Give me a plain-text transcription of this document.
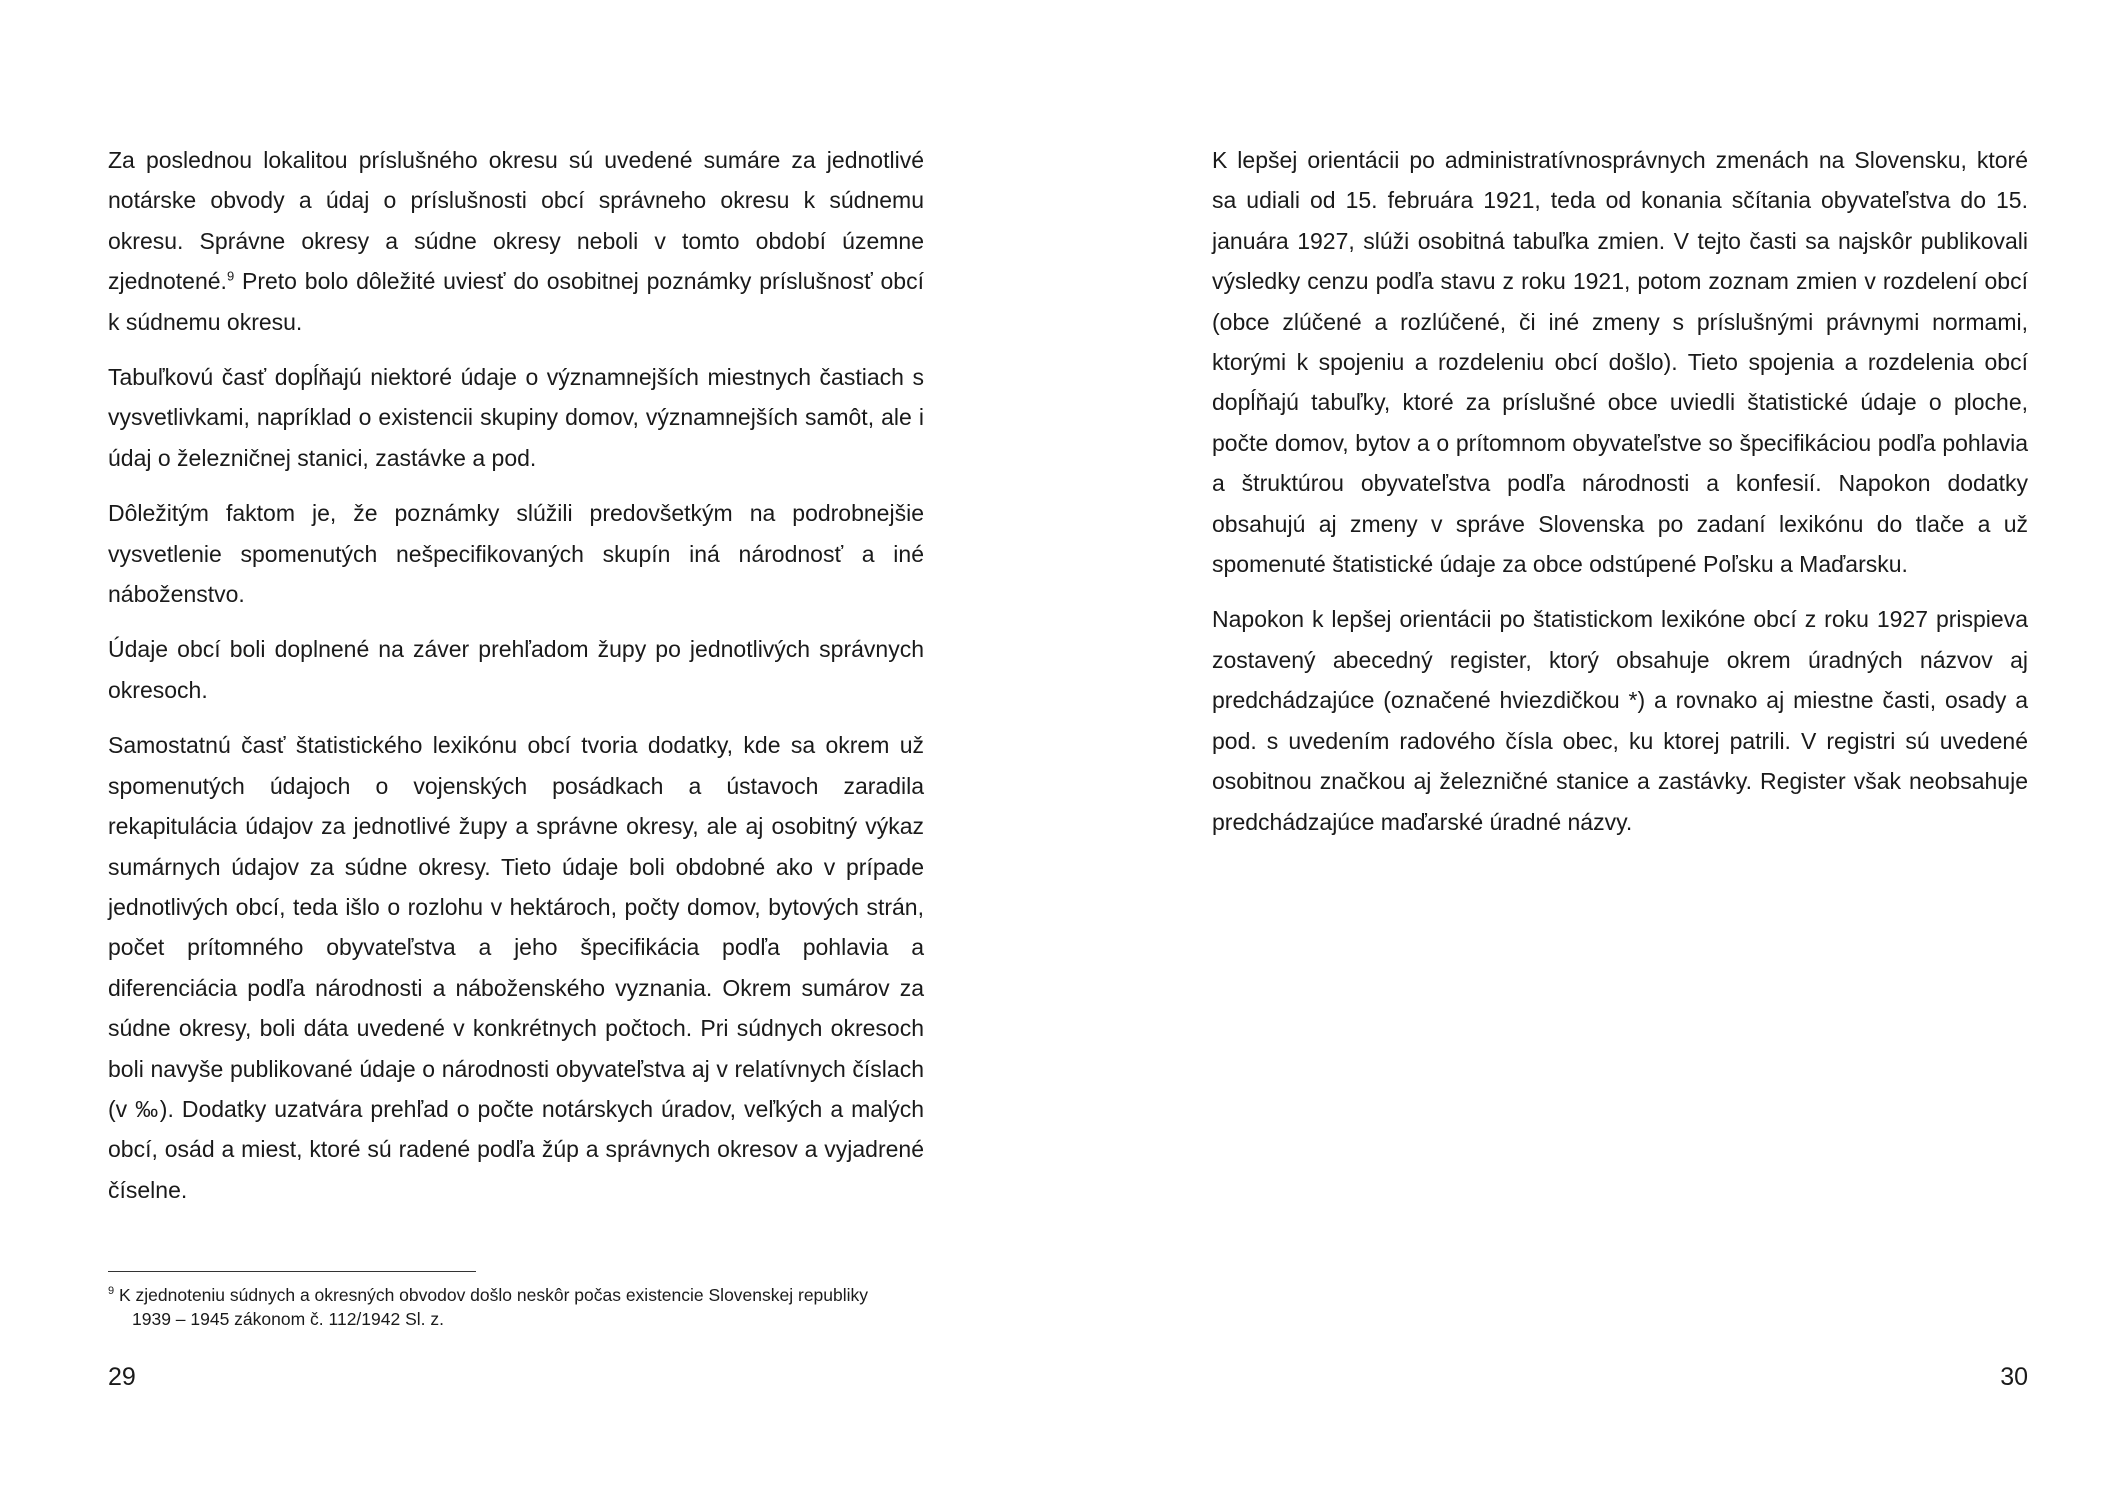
Za poslednou lokalitou príslušného okresu sú uvedené sumáre za jednotlivé notárske obvody a údaj o príslušnosti obcí správneho okresu k súdnemu okresu. Správne okresy a súdne okresy neboli v tomto období územne zjednotené.$^9$ Preto bolo dôležité uviesť do osobitnej poznámky príslušnosť obcí k súdnemu okresu.

Tabuľkovú časť dopĺňajú niektoré údaje o významnejších miestnych častiach s vysvetlivkami, napríklad o existencii skupiny domov, významnejších samôt, ale i údaj o železničnej stanici, zastávke a pod.

Dôležitým faktom je, že poznámky slúžili predovšetkým na podrobnejšie vysvetlenie spomenutých nešpecifikovaných skupín iná národnosť a iné náboženstvo.

Údaje obcí boli doplnené na záver prehľadom župy po jednotlivých správnych okresoch.

Samostatnú časť štatistického lexikónu obcí tvoria dodatky, kde sa okrem už spomenutých údajoch o vojenských posádkach a ústavoch zaradila rekapitulácia údajov za jednotlivé župy a správne okresy, ale aj osobitný výkaz sumárnych údajov za súdne okresy. Tieto údaje boli obdobné ako v prípade jednotlivých obcí, teda išlo o rozlohu v hektároch, počty domov, bytových strán, počet prítomného obyvateľstva a jeho špecifikácia podľa pohlavia a diferenciácia podľa národnosti a náboženského vyznania. Okrem sumárov za súdne okresy, boli dáta uvedené v konkrétnych počtoch. Pri súdnych okresoch boli navyše publikované údaje o národnosti obyvateľstva aj v relatívnych číslach (v ‰). Dodatky uzatvára prehľad o počte notárskych úradov, veľkých a malých obcí, osád a miest, ktoré sú radené podľa žúp a správnych okresov a vyjadrené číselne.

$^9$ K zjednoteniu súdnych a okresných obvodov došlo neskôr počas existencie Slovenskej republiky
1939 – 1945 zákonom č. 112/1942 Sl. z.

29

K lepšej orientácii po administratívnosprávnych zmenách na Slovensku, ktoré sa udiali od 15. februára 1921, teda od konania sčítania obyvateľstva do 15. januára 1927, slúži osobitná tabuľka zmien. V tejto časti sa najskôr publikovali výsledky cenzu podľa stavu z roku 1921, potom zoznam zmien v rozdelení obcí (obce zlúčené a rozlúčené, či iné zmeny s príslušnými právnymi normami, ktorými k spojeniu a rozdeleniu obcí došlo). Tieto spojenia a rozdelenia obcí dopĺňajú tabuľky, ktoré za príslušné obce uviedli štatistické údaje o ploche, počte domov, bytov a o prítomnom obyvateľstve so špecifikáciou podľa pohlavia a štruktúrou obyvateľstva podľa národnosti a konfesií. Napokon dodatky obsahujú aj zmeny v správe Slovenska po zadaní lexikónu do tlače a už spomenuté štatistické údaje za obce odstúpené Poľsku a Maďarsku.

Napokon k lepšej orientácii po štatistickom lexikóne obcí z roku 1927 prispieva zostavený abecedný register, ktorý obsahuje okrem úradných názvov aj predchádzajúce (označené hviezdičkou *) a rovnako aj miestne časti, osady a pod. s uvedením radového čísla obec, ku ktorej patrili. V registri sú uvedené osobitnou značkou aj železničné stanice a zastávky. Register však neobsahuje predchádzajúce maďarské úradné názvy.

30
